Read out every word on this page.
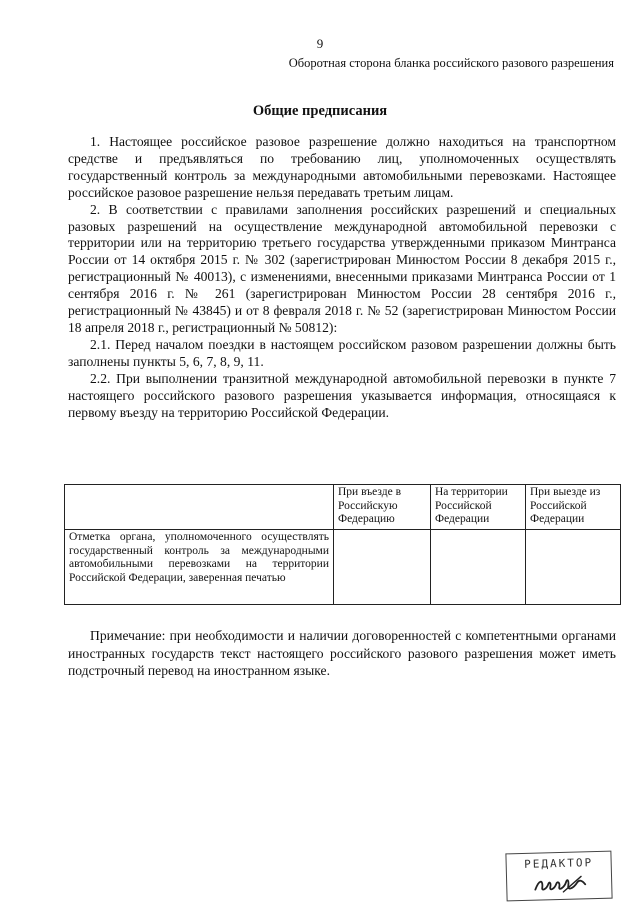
9
Оборотная сторона бланка российского разового разрешения
Общие предписания

1. Настоящее российское разовое разрешение должно находиться на транспортном средстве и предъявляться по требованию лиц, уполномоченных осуществлять государственный контроль за международными автомобильными перевозками. Настоящее российское разовое разрешение нельзя передавать третьим лицам.

2. В соответствии с правилами заполнения российских разрешений и специальных разовых разрешений на осуществление международной автомобильной перевозки с территории или на территорию третьего государства утвержденными приказом Минтранса России от 14 октября 2015 г. № 302 (зарегистрирован Минюстом России 8 декабря 2015 г., регистрационный № 40013), с изменениями, внесенными приказами Минтранса России от 1 сентября 2016 г. № 261 (зарегистрирован Минюстом России 28 сентября 2016 г., регистрационный № 43845) и от 8 февраля 2018 г. № 52 (зарегистрирован Минюстом России 18 апреля 2018 г., регистрационный № 50812):

2.1. Перед началом поездки в настоящем российском разовом разрешении должны быть заполнены пункты 5, 6, 7, 8, 9, 11.

2.2. При выполнении транзитной международной автомобильной перевозки в пункте 7 настоящего российского разового разрешения указывается информация, относящаяся к первому въезду на территорию Российской Федерации.

	При въезде в Российскую Федерацию	На территории Российской Федерации	При выезде из Российской Федерации
Отметка органа, уполномоченного осуществлять государственный контроль за международными автомобильными перевозками на территории Российской Федерации, заверенная печатью			
Примечание: при необходимости и наличии договоренностей с компетентными органами иностранных государств текст настоящего российского разового разрешения может иметь подстрочный перевод на иностранном языке.
РЕДАКТОР
